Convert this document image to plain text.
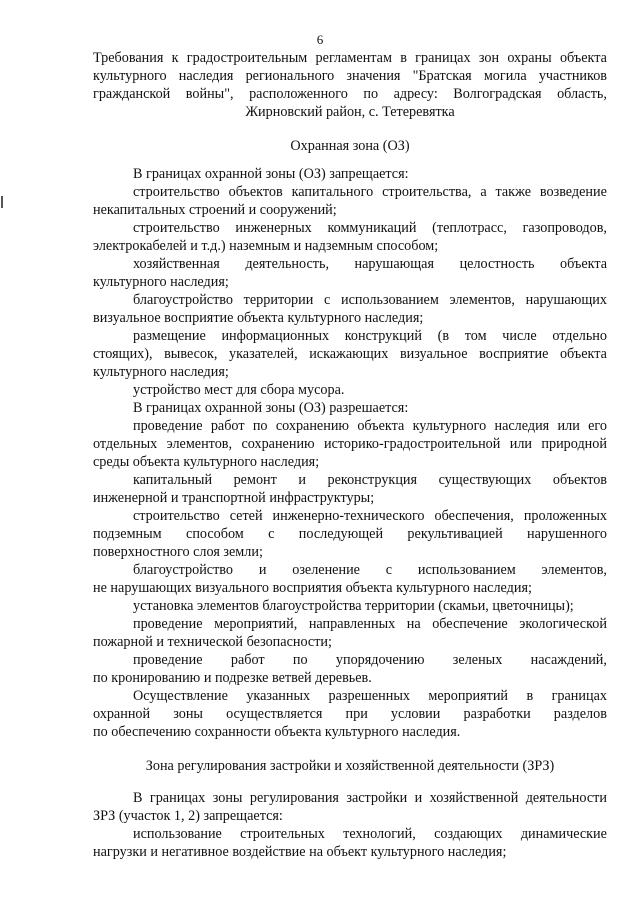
6
Требования к градостроительным регламентам в границах зон охраны объекта
культурного наследия регионального значения "Братская могила участников
гражданской войны", расположенного по адресу: Волгоградская область,
Жирновский район, с. Тетеревятка
Охранная зона (ОЗ)
В границах охранной зоны (ОЗ) запрещается:
строительство объектов капитального строительства, а также возведение
некапитальных строений и сооружений;
строительство инженерных коммуникаций (теплотрасс, газопроводов,
электрокабелей и т.д.) наземным и надземным способом;
хозяйственная деятельность, нарушающая целостность объекта
культурного наследия;
благоустройство территории с использованием элементов, нарушающих
визуальное восприятие объекта культурного наследия;
размещение информационных конструкций (в том числе отдельно
стоящих), вывесок, указателей, искажающих визуальное восприятие объекта
культурного наследия;
устройство мест для сбора мусора.
В границах охранной зоны (ОЗ) разрешается:
проведение работ по сохранению объекта культурного наследия или его
отдельных элементов, сохранению историко-градостроительной или природной
среды объекта культурного наследия;
капитальный ремонт и реконструкция существующих объектов
инженерной и транспортной инфраструктуры;
строительство сетей инженерно-технического обеспечения, проложенных
подземным способом с последующей рекультивацией нарушенного
поверхностного слоя земли;
благоустройство и озеленение с использованием элементов,
не нарушающих визуального восприятия объекта культурного наследия;
установка элементов благоустройства территории (скамьи, цветочницы);
проведение мероприятий, направленных на обеспечение экологической
пожарной и технической безопасности;
проведение работ по упорядочению зеленых насаждений,
по кронированию и подрезке ветвей деревьев.
Осуществление указанных разрешенных мероприятий в границах
охранной зоны осуществляется при условии разработки разделов
по обеспечению сохранности объекта культурного наследия.
Зона регулирования застройки и хозяйственной деятельности (ЗРЗ)
В границах зоны регулирования застройки и хозяйственной деятельности
ЗРЗ (участок 1, 2) запрещается:
использование строительных технологий, создающих динамические
нагрузки и негативное воздействие на объект культурного наследия;
